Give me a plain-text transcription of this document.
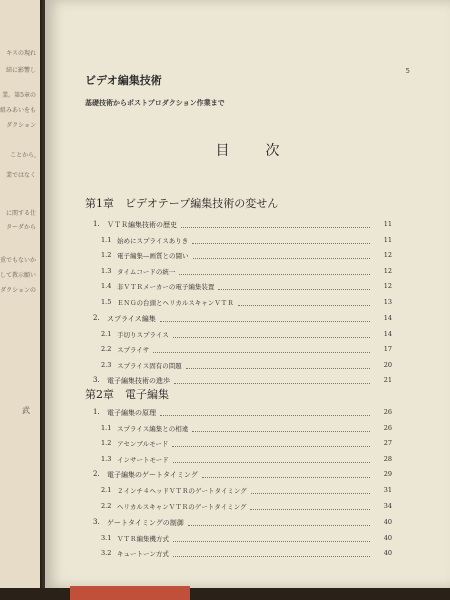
武
キスの現れ
結に影響し
業。第5章の
組みあいをも
ダクション
ことから,
業ではなく
に関する仕
ターダから
重でもないか
して教示願い
ダクションの
ビデオ編集技術
基礎技術からポストプロダクション作業まで
5
目次
第1章　ビデオテープ編集技術の変せん
1. ＶＴＲ編集技術の歴史	11
1.1 始めにスプライスありき	11
1.2 電子編集—画質との闘い	12
1.3 タイムコードの統一	12
1.4 非ＶＴＲメーカーの電子編集装置	12
1.5 ＥＮＧの台頭とヘリカルスキャンＶＴＲ	13
2. スプライス編集	14
2.1 手切りスプライス	14
2.2 スプライサ	17
2.3 スプライス固有の問題	20
3. 電子編集技術の進歩	21
第2章　電子編集
1. 電子編集の原理	26
1.1 スプライス編集との相違	26
1.2 アセンブルモード	27
1.3 インサートモード	28
2. 電子編集のゲートタイミング	29
2.1 ２インチ４ヘッドＶＴＲのゲートタイミング	31
2.2 ヘリカルスキャンＶＴＲのゲートタイミング	34
3. ゲートタイミングの制御	40
3.1 ＶＴＲ編集機方式	40
3.2 キュートーン方式	40
